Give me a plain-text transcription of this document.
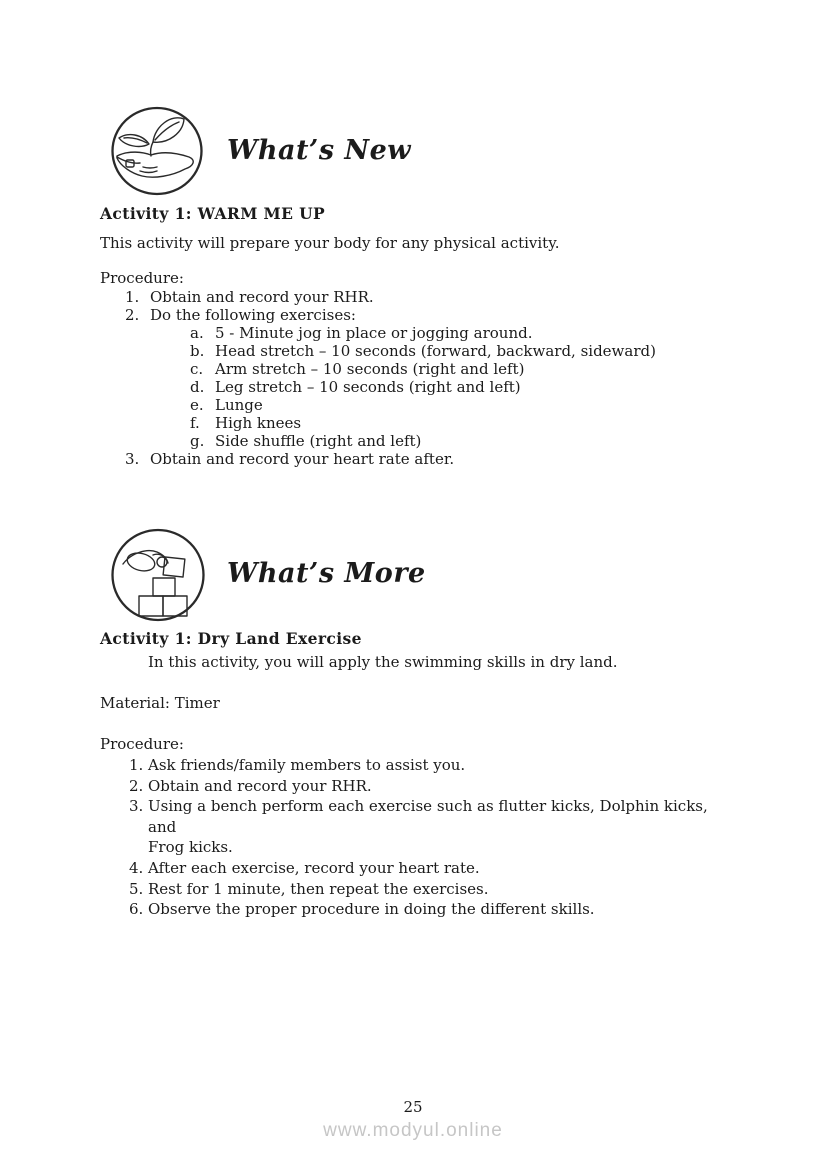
What’s New
Activity 1: WARM ME UP
This activity will prepare your body for any physical activity.
Procedure:
1. Obtain and record your RHR.
2. Do the following exercises:
a. 5 - Minute jog in place or jogging around.
b. Head stretch – 10 seconds (forward, backward, sideward)
c. Arm stretch – 10 seconds (right and left)
d. Leg stretch – 10 seconds (right and left)
e. Lunge
f.	High knees
g. Side shuffle (right and left)
3. Obtain and record your heart rate after.
What’s More
Activity 1: Dry Land Exercise
In this activity, you will apply the swimming skills in dry land.
Material: Timer
Procedure:
1. Ask friends/family members to assist you.
2. Obtain and record your RHR.
3. Using a bench perform each exercise such as flutter kicks, Dolphin kicks, and
Frog kicks.
4. After each exercise, record your heart rate.
5. Rest for 1 minute, then repeat the exercises.
6. Observe the proper procedure in doing the different skills.
25
www.modyul.online
